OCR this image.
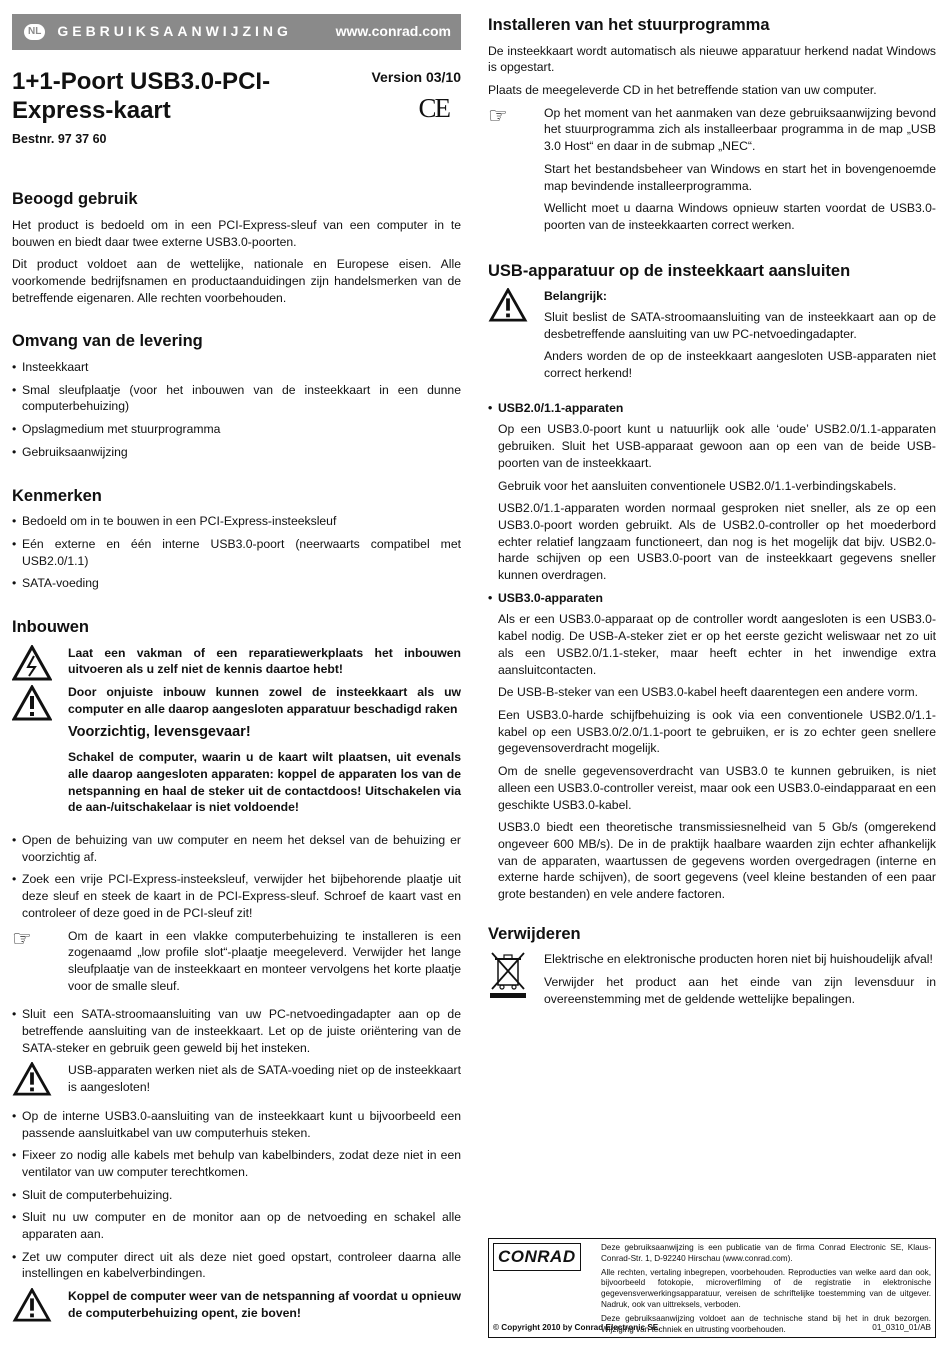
NL GEBRUIKSAANWIJZING	www.conrad.com
1+1-Poort USB3.0-PCI-Express-kaart
Version 03/10
CE
Bestnr. 97 37 60
Beoogd gebruik

Het product is bedoeld om in een PCI-Express-sleuf van een computer in te bouwen en biedt daar twee externe USB3.0-poorten.

Dit product voldoet aan de wettelijke, nationale en Europese eisen. Alle voorkomende bedrijfsnamen en productaanduidingen zijn handelsmerken van de betreffende eigenaren. Alle rechten voorbehouden.

Omvang van de levering
• Insteekkaart
• Smal sleufplaatje (voor het inbouwen van de insteekkaart in een dunne computerbehuizing)
• Opslagmedium met stuurprogramma
• Gebruiksaanwijzing
Kenmerken
• Bedoeld om in te bouwen in een PCI-Express-insteeksleuf
• Eén externe en één interne USB3.0-poort (neerwaarts compatibel met USB2.0/1.1)
• SATA-voeding
Inbouwen

Laat een vakman of een reparatiewerkplaats het inbouwen uitvoeren als u zelf niet de kennis daartoe hebt!

Door onjuiste inbouw kunnen zowel de insteekkaart als uw computer en alle daarop aangesloten apparatuur beschadigd raken

Voorzichtig, levensgevaar!

Schakel de computer, waarin u de kaart wilt plaatsen, uit evenals alle daarop aangesloten apparaten: koppel de apparaten los van de netspanning en haal de steker uit de contactdoos! Uitschakelen via de aan-/uitschakelaar is niet voldoende!

• Open de behuizing van uw computer en neem het deksel van de behuizing er voorzichtig af.
• Zoek een vrije PCI-Express-insteeksleuf, verwijder het bijbehorende plaatje uit deze sleuf en steek de kaart in de PCI-Express-sleuf. Schroef de kaart vast en controleer of deze goed in de PCI-sleuf zit!
☞	Om de kaart in een vlakke computerbehuizing te installeren is een zogenaamd „low profile slot“-plaatje meegeleverd. Verwijder het lange sleufplaatje van de insteekkaart en monteer vervolgens het korte plaatje voor de smalle sleuf.

• Sluit een SATA-stroomaansluiting van uw PC-netvoedingadapter aan op de betreffende aansluiting van de insteekkaart. Let op de juiste oriëntering van de SATA-steker en gebruik geen geweld bij het insteken.

USB-apparaten werken niet als de SATA-voeding niet op de insteekkaart is aangesloten!

• Op de interne USB3.0-aansluiting van de insteekkaart kunt u bijvoorbeeld een passende aansluitkabel van uw computerhuis steken.
• Fixeer zo nodig alle kabels met behulp van kabelbinders, zodat deze niet in een ventilator van uw computer terechtkomen.
• Sluit de computerbehuizing.
• Sluit nu uw computer en de monitor aan op de netvoeding en schakel alle apparaten aan.
• Zet uw computer direct uit als deze niet goed opstart, controleer daarna alle instellingen en kabelverbindingen.

Koppel de computer weer van de netspanning af voordat u opnieuw de computerbehuizing opent, zie boven!

Installeren van het stuurprogramma

De insteekkaart wordt automatisch als nieuwe apparatuur herkend nadat Windows is opgestart.

Plaats de meegeleverde CD in het betreffende station van uw computer.

☞	Op het moment van het aanmaken van deze gebruiksaanwijzing bevond het stuurprogramma zich als installeerbaar programma in de map „USB 3.0 Host“ en daar in de submap „NEC“.

Start het bestandsbeheer van Windows en start het in bovengenoemde map bevindende installeerprogramma.

Wellicht moet u daarna Windows opnieuw starten voordat de USB3.0-poorten van de insteekkaarten correct werken.

USB-apparatuur op de insteekkaart aansluiten
Belangrijk:

Sluit beslist de SATA-stroomaansluiting van de insteekkaart aan op de desbetreffende aansluiting van uw PC-netvoedingadapter.

Anders worden de op de insteekkaart aangesloten USB-apparaten niet correct herkend!

• USB2.0/1.1-apparaten

Op een USB3.0-poort kunt u natuurlijk ook alle ‘oude’ USB2.0/1.1-apparaten gebruiken. Sluit het USB-apparaat gewoon aan op een van de beide USB-poorten van de insteekkaart.

Gebruik voor het aansluiten conventionele USB2.0/1.1-verbindingskabels.

USB2.0/1.1-apparaten worden normaal gesproken niet sneller, als ze op een USB3.0-poort worden gebruikt. Als de USB2.0-controller op het moederbord echter relatief langzaam functioneert, dan nog is het mogelijk dat bijv. USB2.0-harde schijven op een USB3.0-poort van de insteekkaart gegevens sneller kunnen overdragen.

• USB3.0-apparaten

Als er een USB3.0-apparaat op de controller wordt aangesloten is een USB3.0-kabel nodig. De USB-A-steker ziet er op het eerste gezicht weliswaar net zo uit als een USB2.0/1.1-steker, maar heeft echter in het inwendige extra aansluitcontacten.

De USB-B-steker van een USB3.0-kabel heeft daarentegen een andere vorm.

Een USB3.0-harde schijfbehuizing is ook via een conventionele USB2.0/1.1-kabel op een USB3.0/2.0/1.1-poort te gebruiken, er is zo echter geen snellere gegevensoverdracht mogelijk.

Om de snelle gegevensoverdracht van USB3.0 te kunnen gebruiken, is niet alleen een USB3.0-controller vereist, maar ook een USB3.0-eindapparaat en een geschikte USB3.0-kabel.

USB3.0 biedt een theoretische transmissiesnelheid van 5 Gb/s (omgerekend ongeveer 600 MB/s). De in de praktijk haalbare waarden zijn echter afhankelijk van de apparaten, waartussen de gegevens worden overgedragen (interne en externe harde schijven), de soort gegevens (veel kleine bestanden of een paar grote bestanden) en vele andere factoren.

Verwijderen

Elektrische en elektronische producten horen niet bij huishoudelijk afval!

Verwijder het product aan het einde van zijn levensduur in overeenstemming met de geldende wettelijke bepalingen.

CONRAD	Deze gebruiksaanwijzing is een publicatie van de firma Conrad Electronic SE, Klaus-Conrad-Str. 1, D-92240 Hirschau (www.conrad.com).

Alle rechten, vertaling inbegrepen, voorbehouden. Reproducties van welke aard dan ook, bijvoorbeeld fotokopie, microverfilming of de registratie in elektronische gegevensverwerkingsapparatuur, vereisen de schriftelijke toestemming van de uitgever. Nadruk, ook van uittreksels, verboden.

Deze gebruiksaanwijzing voldoet aan de technische stand bij het in druk bezorgen. Wijziging van techniek en uitrusting voorbehouden.

© Copyright 2010 by Conrad Electronic SE.	01_0310_01/AB
